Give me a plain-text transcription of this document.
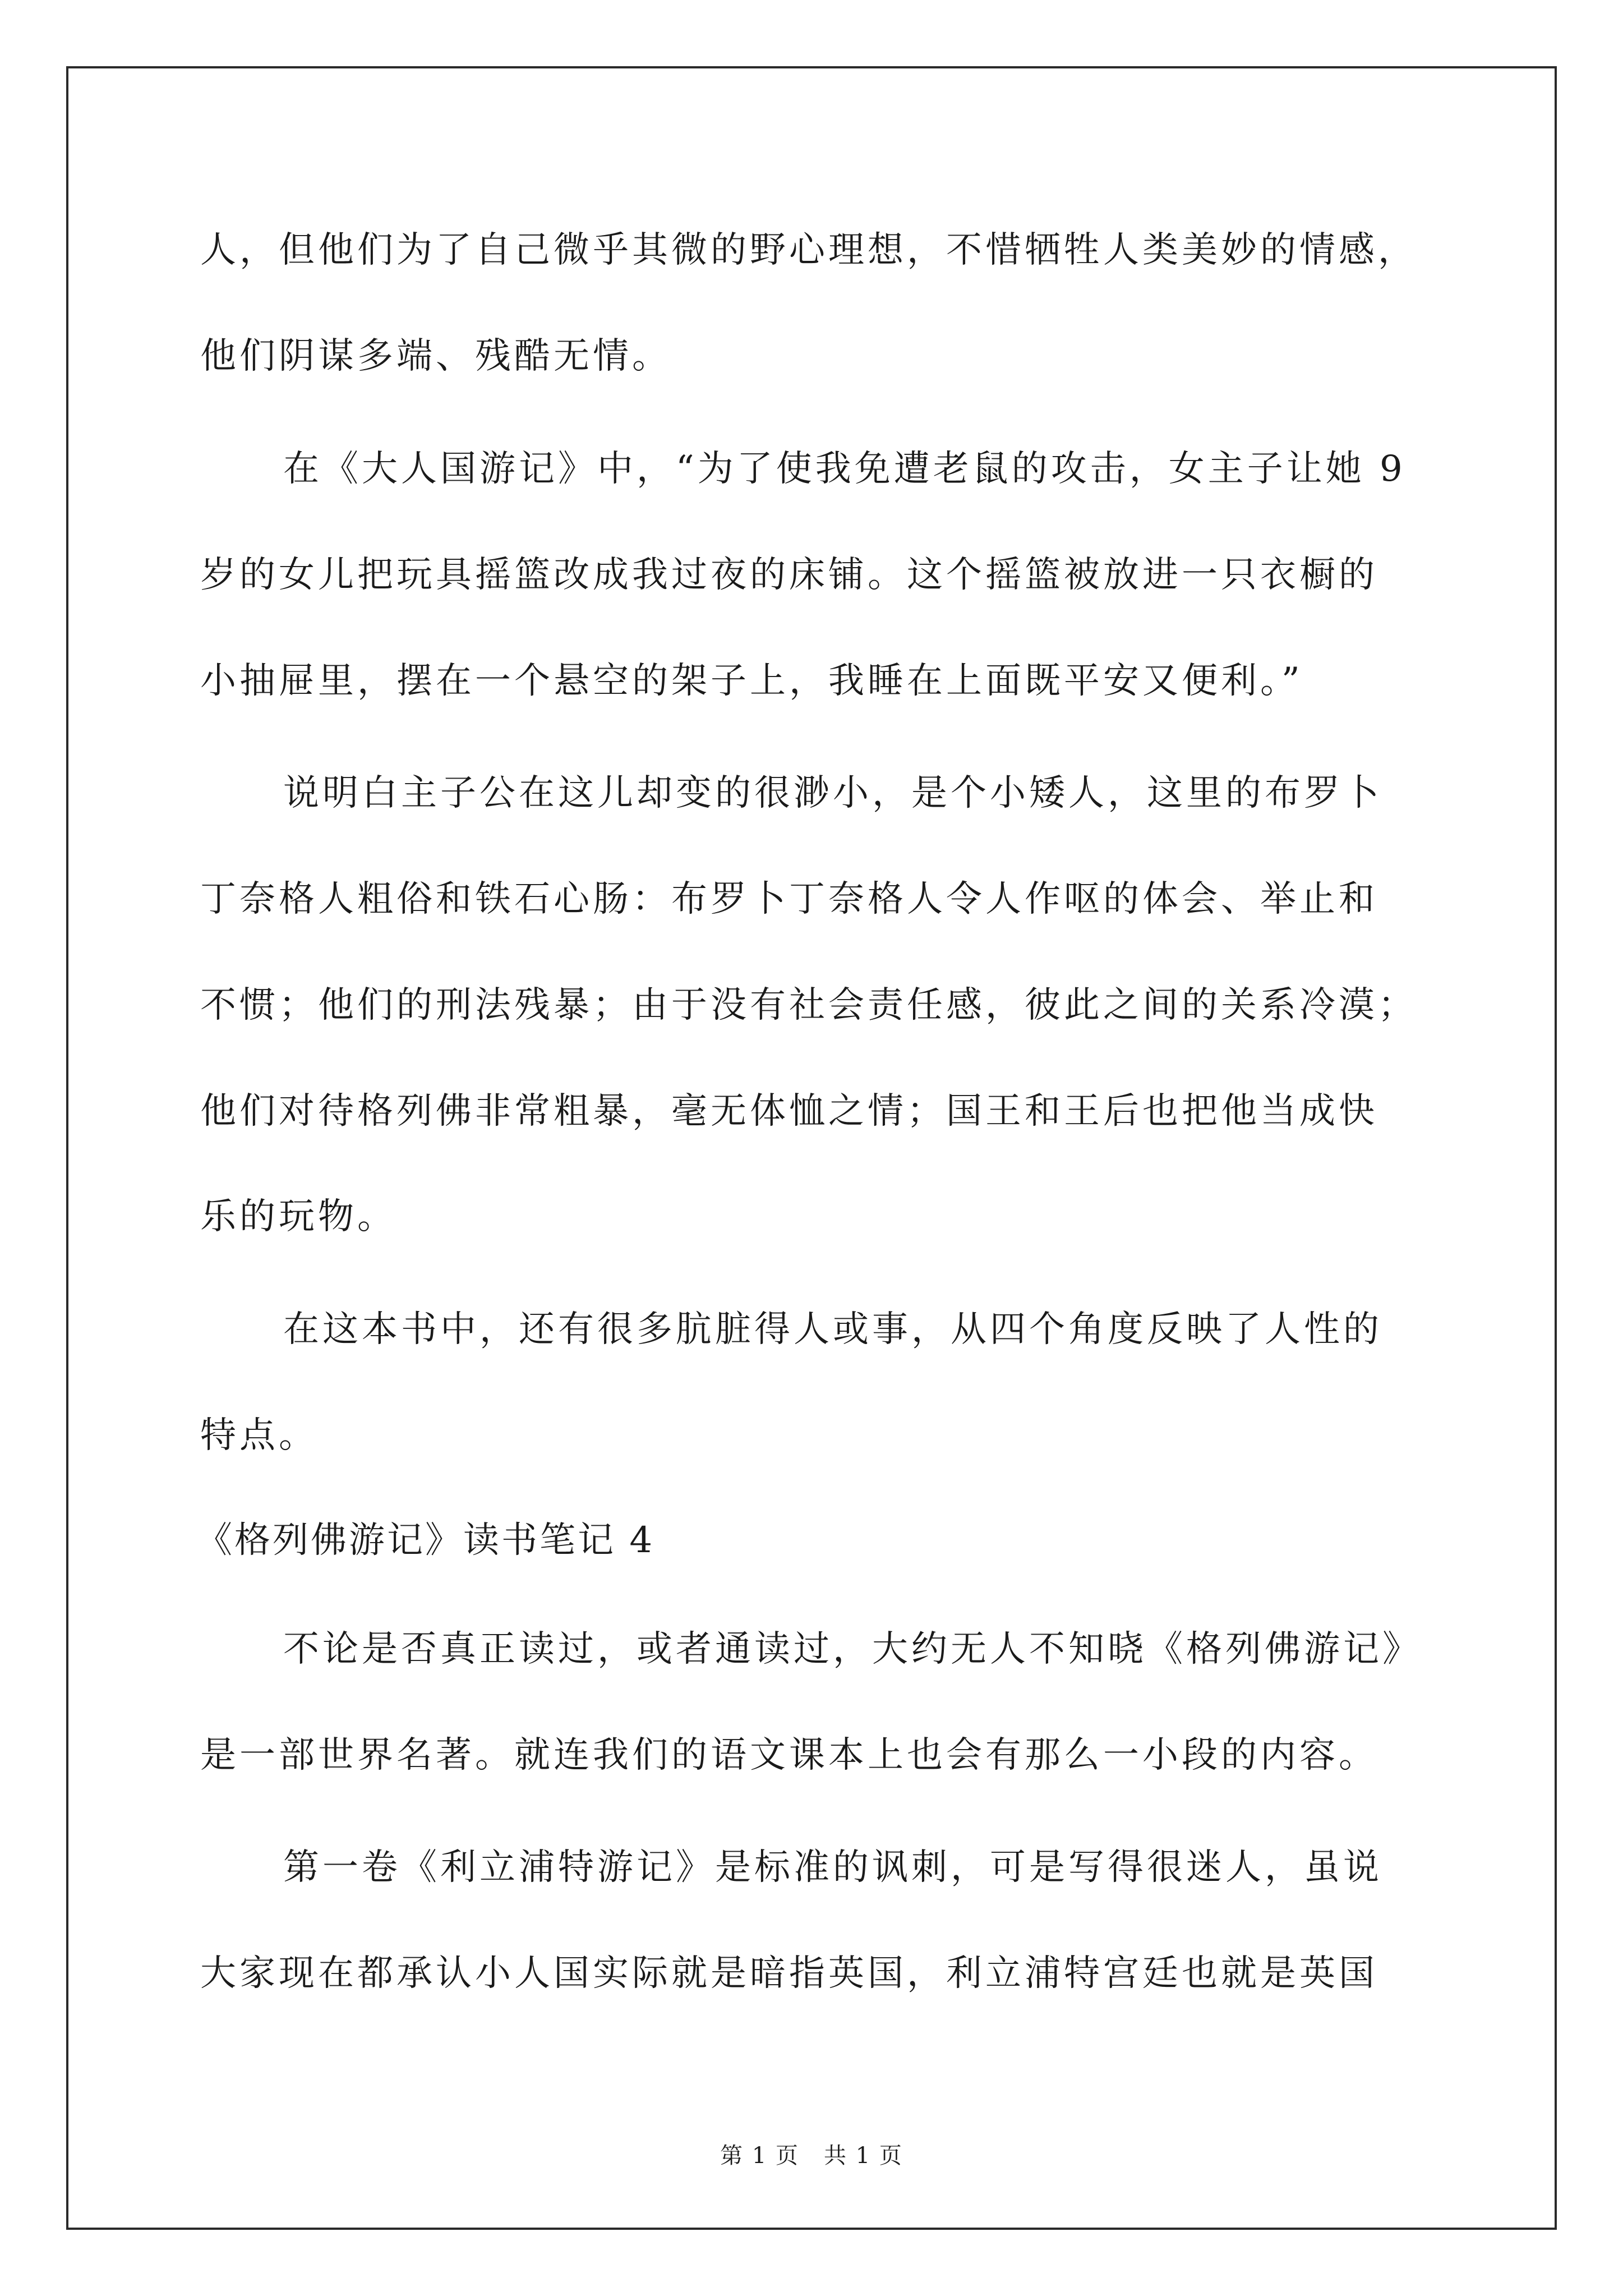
人，但他们为了自己微乎其微的野心理想，不惜牺牲人类美妙的情感，
他们阴谋多端、残酷无情。
在《大人国游记》中，“为了使我免遭老鼠的攻击，女主子让她 9
岁的女儿把玩具摇篮改成我过夜的床铺。这个摇篮被放进一只衣橱的
小抽屉里，摆在一个悬空的架子上，我睡在上面既平安又便利。”
说明白主子公在这儿却变的很渺小，是个小矮人，这里的布罗卜
丁奈格人粗俗和铁石心肠：布罗卜丁奈格人令人作呕的体会、举止和
不惯；他们的刑法残暴；由于没有社会责任感，彼此之间的关系冷漠；
他们对待格列佛非常粗暴，毫无体恤之情；国王和王后也把他当成快
乐的玩物。
在这本书中，还有很多肮脏得人或事，从四个角度反映了人性的
特点。
《格列佛游记》读书笔记 4
不论是否真正读过，或者通读过，大约无人不知晓《格列佛游记》
是一部世界名著。就连我们的语文课本上也会有那么一小段的内容。
第一卷《利立浦特游记》是标准的讽刺，可是写得很迷人，虽说
大家现在都承认小人国实际就是暗指英国，利立浦特宫廷也就是英国
第 1 页 共 1 页
